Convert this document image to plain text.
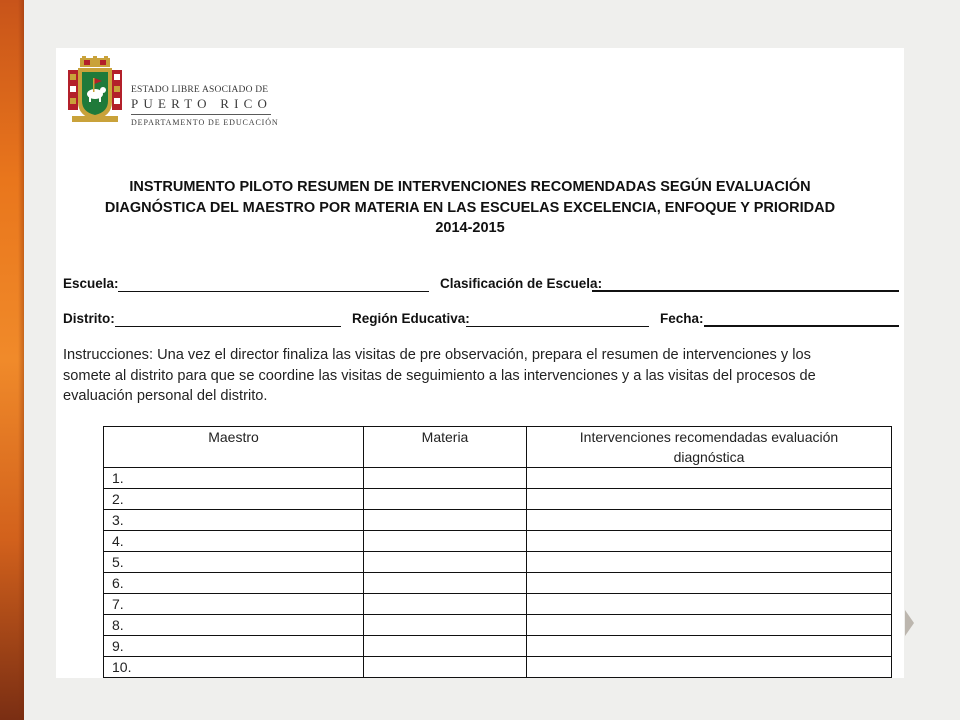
ESTADO LIBRE ASOCIADO DE
PUERTO RICO
DEPARTAMENTO DE EDUCACIÓN
INSTRUMENTO PILOTO RESUMEN DE INTERVENCIONES RECOMENDADAS SEGÚN EVALUACIÓN
DIAGNÓSTICA DEL MAESTRO POR MATERIA EN LAS ESCUELAS EXCELENCIA, ENFOQUE Y PRIORIDAD
2014-2015
Escuela:	Clasificación de Escuela:
Distrito:	Región Educativa:	Fecha:
Instrucciones: Una vez el director finaliza las visitas de pre observación, prepara el resumen de intervenciones y los
somete al distrito para que se coordine las visitas de seguimiento a las intervenciones y a las visitas del procesos de
evaluación personal del distrito.
Maestro	Materia	Intervenciones recomendadas evaluación
diagnóstica

1.		
2.		
3.		
4.		
5.		
6.		
7.		
8.		
9.		
10.		
